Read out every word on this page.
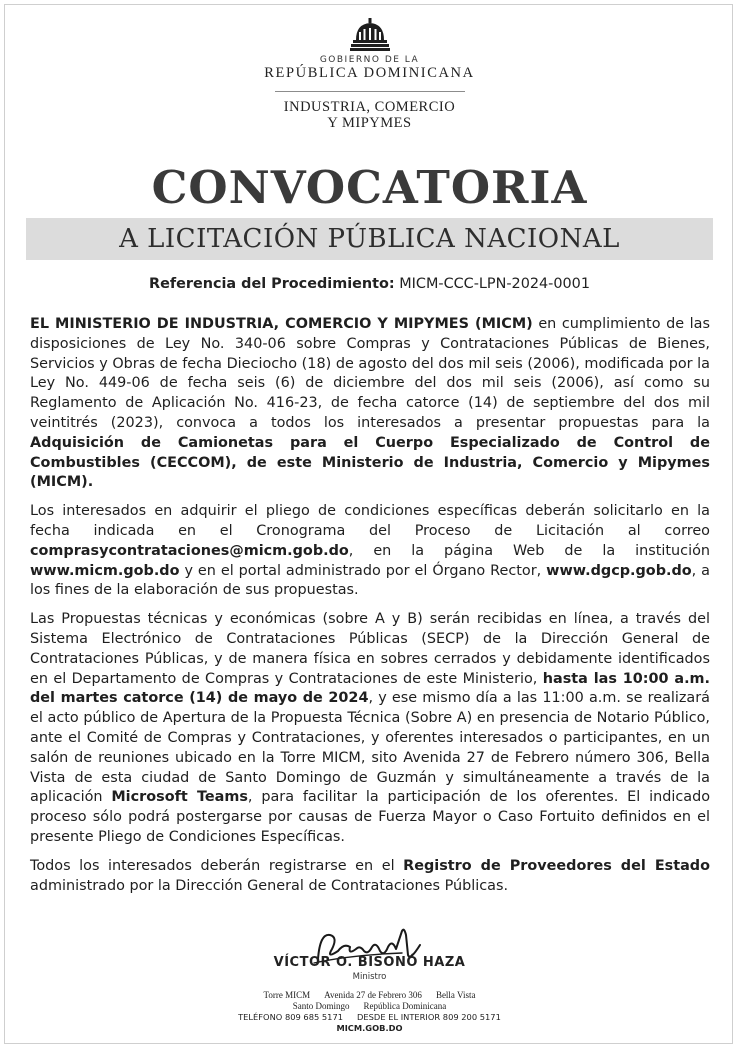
GOBIERNO DE LA
REPÚBLICA DOMINICANA
INDUSTRIA, COMERCIO
Y MIPYMES
CONVOCATORIA
A LICITACIÓN PÚBLICA NACIONAL
Referencia del Procedimiento: MICM-CCC-LPN-2024-0001

EL MINISTERIO DE INDUSTRIA, COMERCIO Y MIPYMES (MICM) en cumplimiento de las disposiciones de Ley No. 340-06 sobre Compras y Contrataciones Públicas de Bienes, Servicios y Obras de fecha Dieciocho (18) de agosto del dos mil seis (2006), modificada por la Ley No. 449-06 de fecha seis (6) de diciembre del dos mil seis (2006), así como su Reglamento de Aplicación No. 416-23, de fecha catorce (14) de septiembre del dos mil veintitrés (2023), convoca a todos los interesados a presentar propuestas para la Adquisición de Camionetas para el Cuerpo Especializado de Control de Combustibles (CECCOM), de este Ministerio de Industria, Comercio y Mipymes (MICM).

Los interesados en adquirir el pliego de condiciones específicas deberán solicitarlo en la fecha indicada en el Cronograma del Proceso de Licitación al correo comprasycontrataciones@micm.gob.do, en la página Web de la institución www.micm.gob.do y en el portal administrado por el Órgano Rector, www.dgcp.gob.do, a los fines de la elaboración de sus propuestas.

Las Propuestas técnicas y económicas (sobre A y B) serán recibidas en línea, a través del Sistema Electrónico de Contrataciones Públicas (SECP) de la Dirección General de Contrataciones Públicas, y de manera física en sobres cerrados y debidamente identificados en el Departamento de Compras y Contrataciones de este Ministerio, hasta las 10:00 a.m. del martes catorce (14) de mayo de 2024, y ese mismo día a las 11:00 a.m. se realizará el acto público de Apertura de la Propuesta Técnica (Sobre A) en presencia de Notario Público, ante el Comité de Compras y Contrataciones, y oferentes interesados o participantes, en un salón de reuniones ubicado en la Torre MICM, sito Avenida 27 de Febrero número 306, Bella Vista de esta ciudad de Santo Domingo de Guzmán y simultáneamente a través de la aplicación Microsoft Teams, para facilitar la participación de los oferentes. El indicado proceso sólo podrá postergarse por causas de Fuerza Mayor o Caso Fortuito definidos en el presente Pliego de Condiciones Específicas.

Todos los interesados deberán registrarse en el Registro de Proveedores del Estado administrado por la Dirección General de Contrataciones Públicas.

VÍCTOR O. BISONÓ HAZA
Ministro
Torre MICM Avenida 27 de Febrero 306 Bella Vista
Santo Domingo República Dominicana
TELÉFONO 809 685 5171 DESDE EL INTERIOR 809 200 5171
MICM.GOB.DO
